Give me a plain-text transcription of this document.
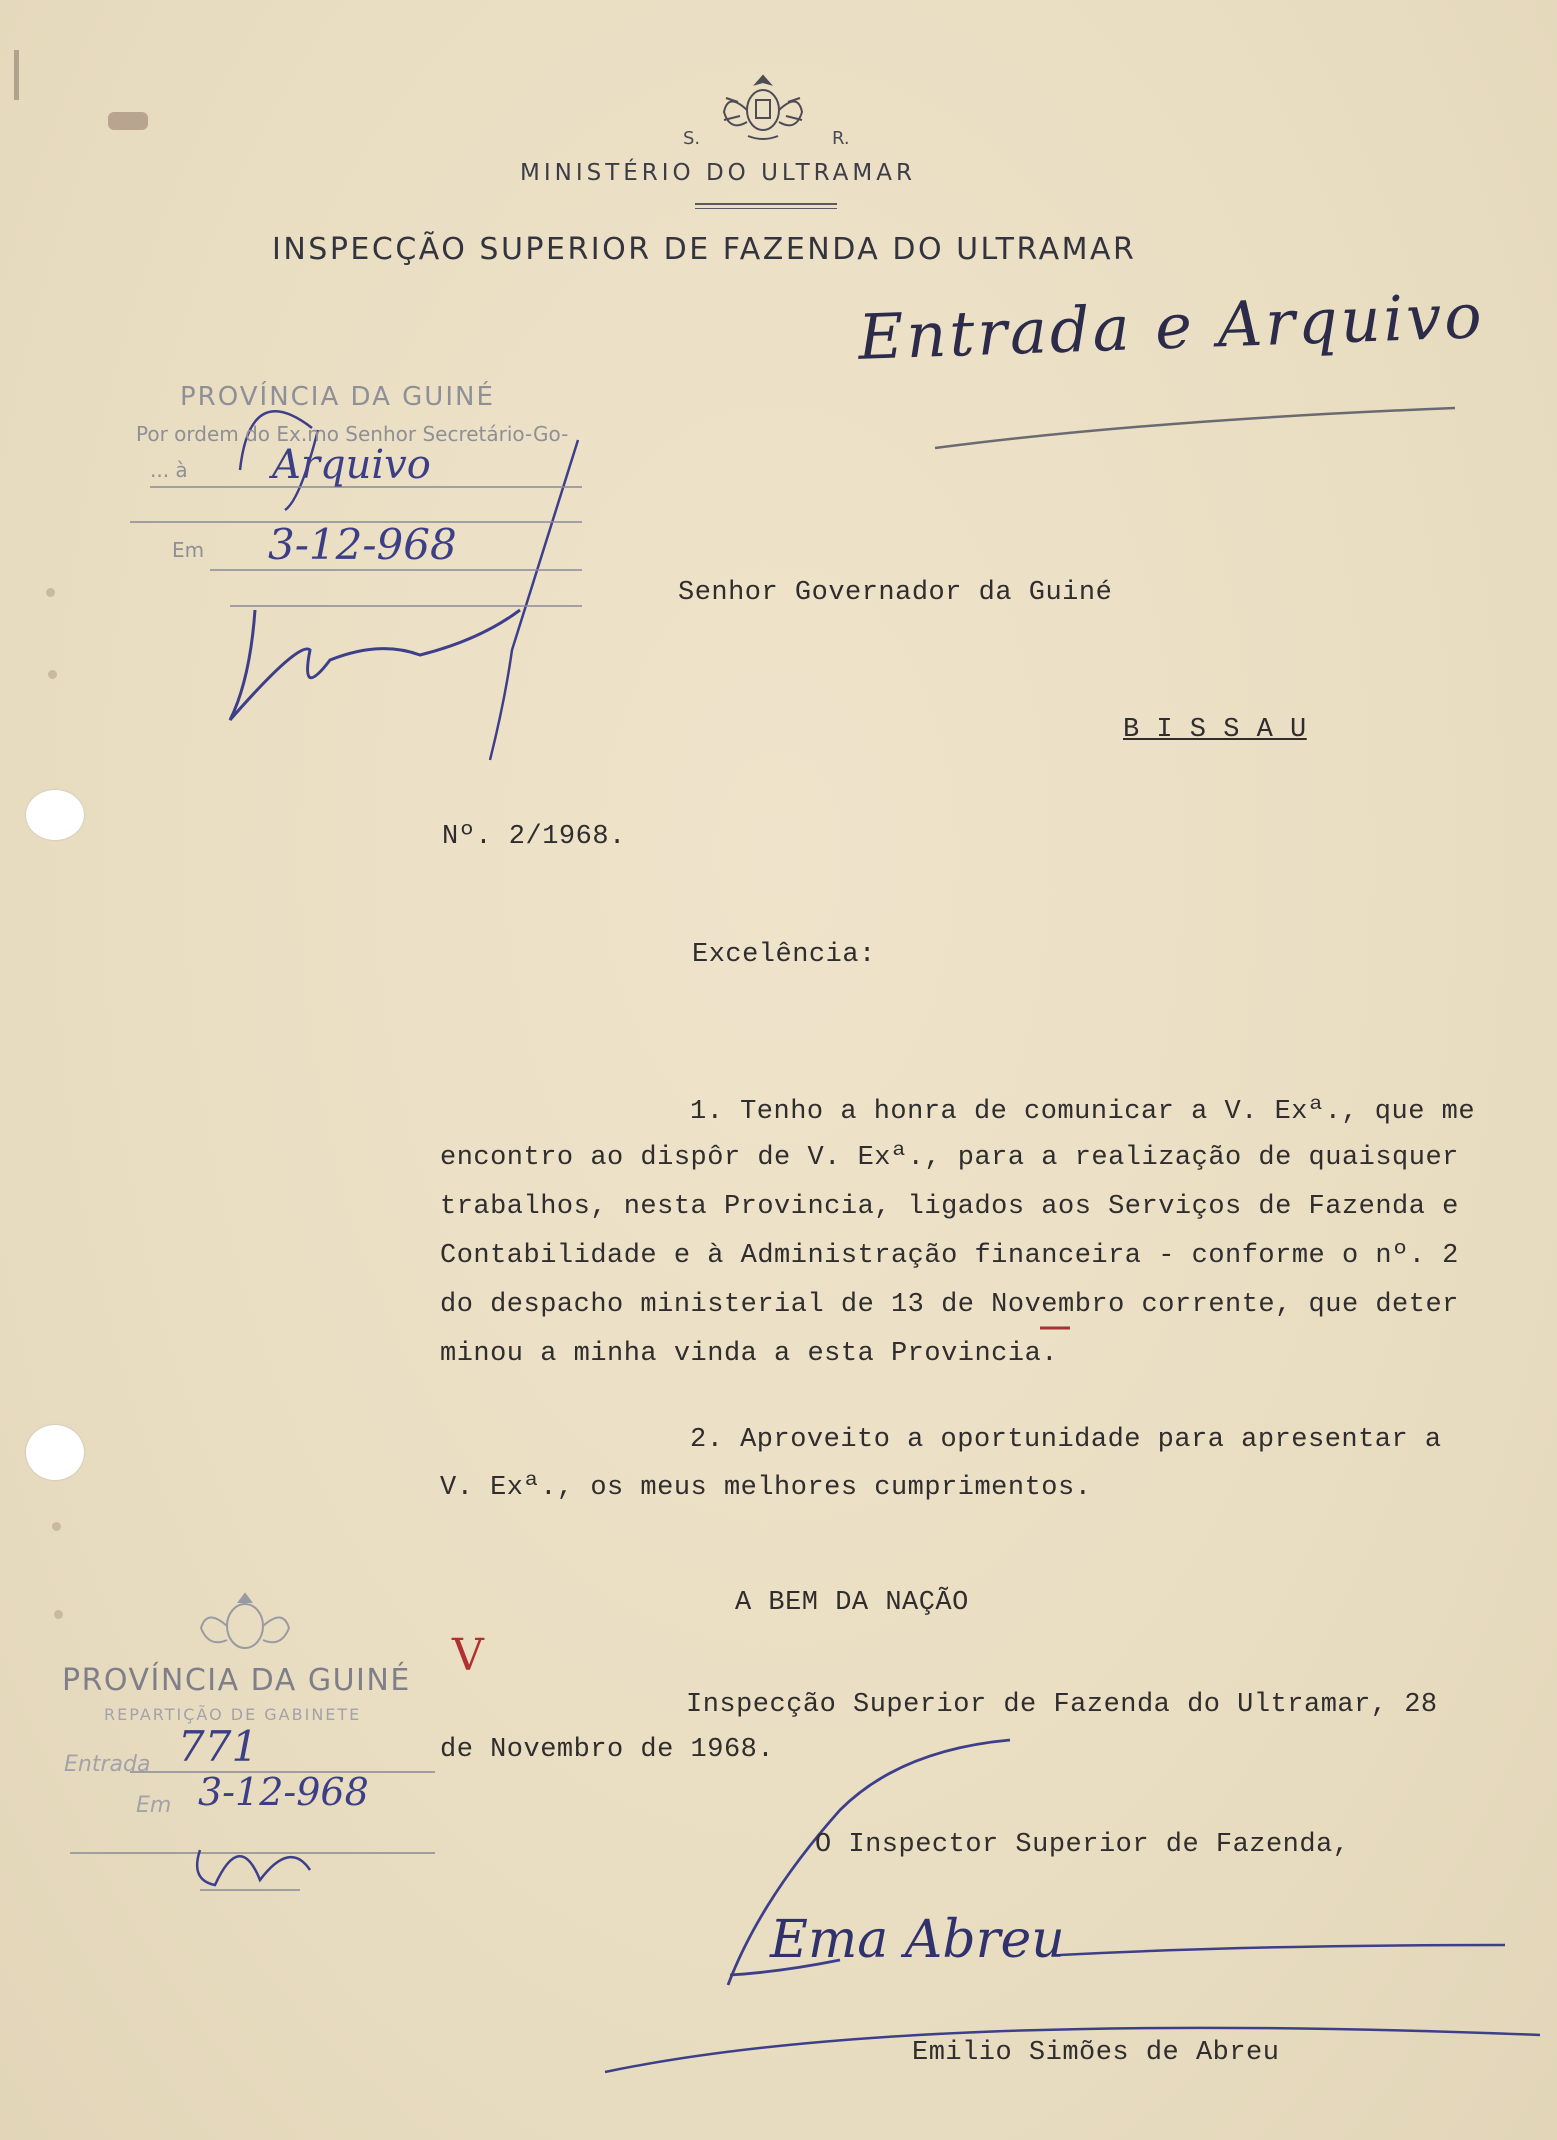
S.	R.
MINISTÉRIO DO ULTRAMAR
INSPECÇÃO SUPERIOR DE FAZENDA DO ULTRAMAR
Entrada e Arquivo
PROVÍNCIA DA GUINÉ
Por ordem do Ex.mo Senhor Secretário-Go-
... à Arquivo
Em 3-12-968
Senhor Governador da Guiné
B I S S A U
Nº. 2/1968.
Excelência:
1. Tenho a honra de comunicar a V. Exª., que me
encontro ao dispôr de V. Exª., para a realização de quaisquer
trabalhos, nesta Provincia, ligados aos Serviços de Fazenda e
Contabilidade e à Administração financeira - conforme o nº. 2
do despacho ministerial de 13 de Novembro corrente, que deter
minou a minha vinda a esta Provincia.
2. Aproveito a oportunidade para apresentar a
V. Exª., os meus melhores cumprimentos.
A BEM DA NAÇÃO
Inspecção Superior de Fazenda do Ultramar, 28
de Novembro de 1968.
O Inspector Superior de Fazenda,
Ema Abreu
Emilio Simões de Abreu
PROVÍNCIA DA GUINÉ
REPARTIÇÃO DE GABINETE
Entrada 771
Em 3-12-968
V
